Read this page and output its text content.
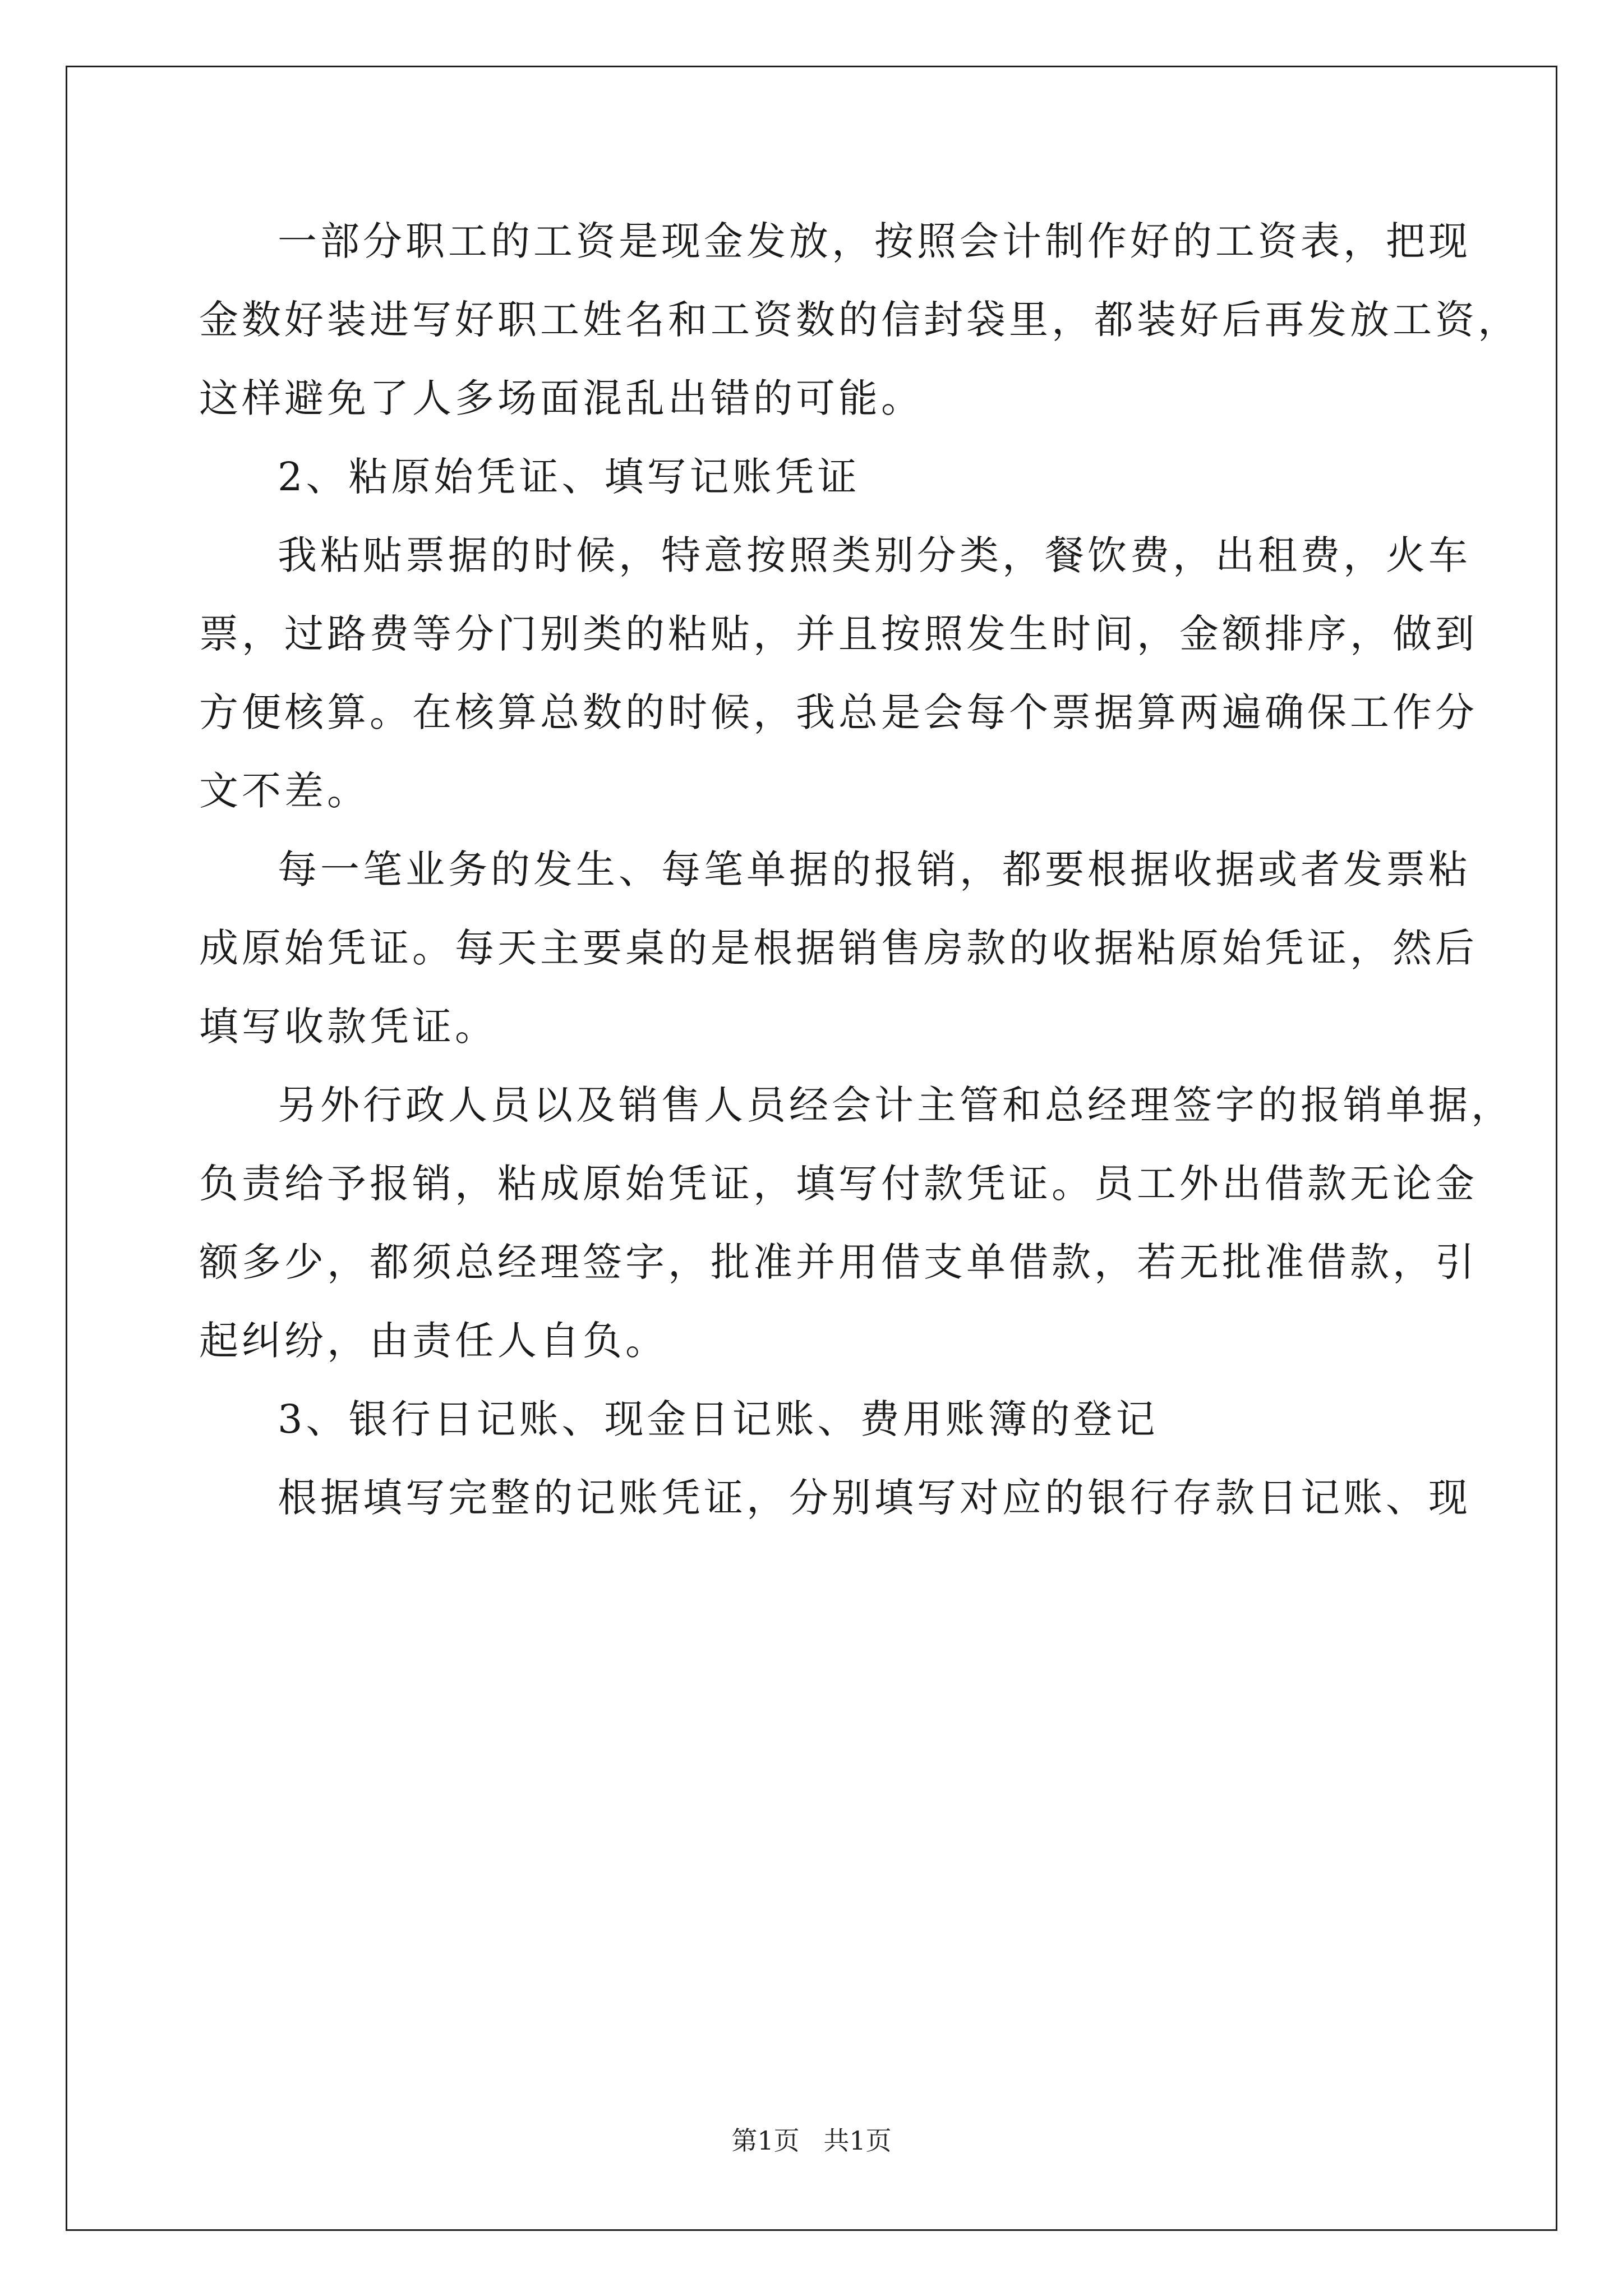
一部分职工的工资是现金发放，按照会计制作好的工资表，把现
金数好装进写好职工姓名和工资数的信封袋里，都装好后再发放工资，
这样避免了人多场面混乱出错的可能。
2、粘原始凭证、填写记账凭证
我粘贴票据的时候，特意按照类别分类，餐饮费，出租费，火车
票，过路费等分门别类的粘贴，并且按照发生时间，金额排序，做到
方便核算。在核算总数的时候，我总是会每个票据算两遍确保工作分
文不差。
每一笔业务的发生、每笔单据的报销，都要根据收据或者发票粘
成原始凭证。每天主要桌的是根据销售房款的收据粘原始凭证，然后
填写收款凭证。
另外行政人员以及销售人员经会计主管和总经理签字的报销单据，
负责给予报销，粘成原始凭证，填写付款凭证。员工外出借款无论金
额多少，都须总经理签字，批准并用借支单借款，若无批准借款，引
起纠纷，由责任人自负。
3、银行日记账、现金日记账、费用账簿的登记
根据填写完整的记账凭证，分别填写对应的银行存款日记账、现
第1页 共1页
